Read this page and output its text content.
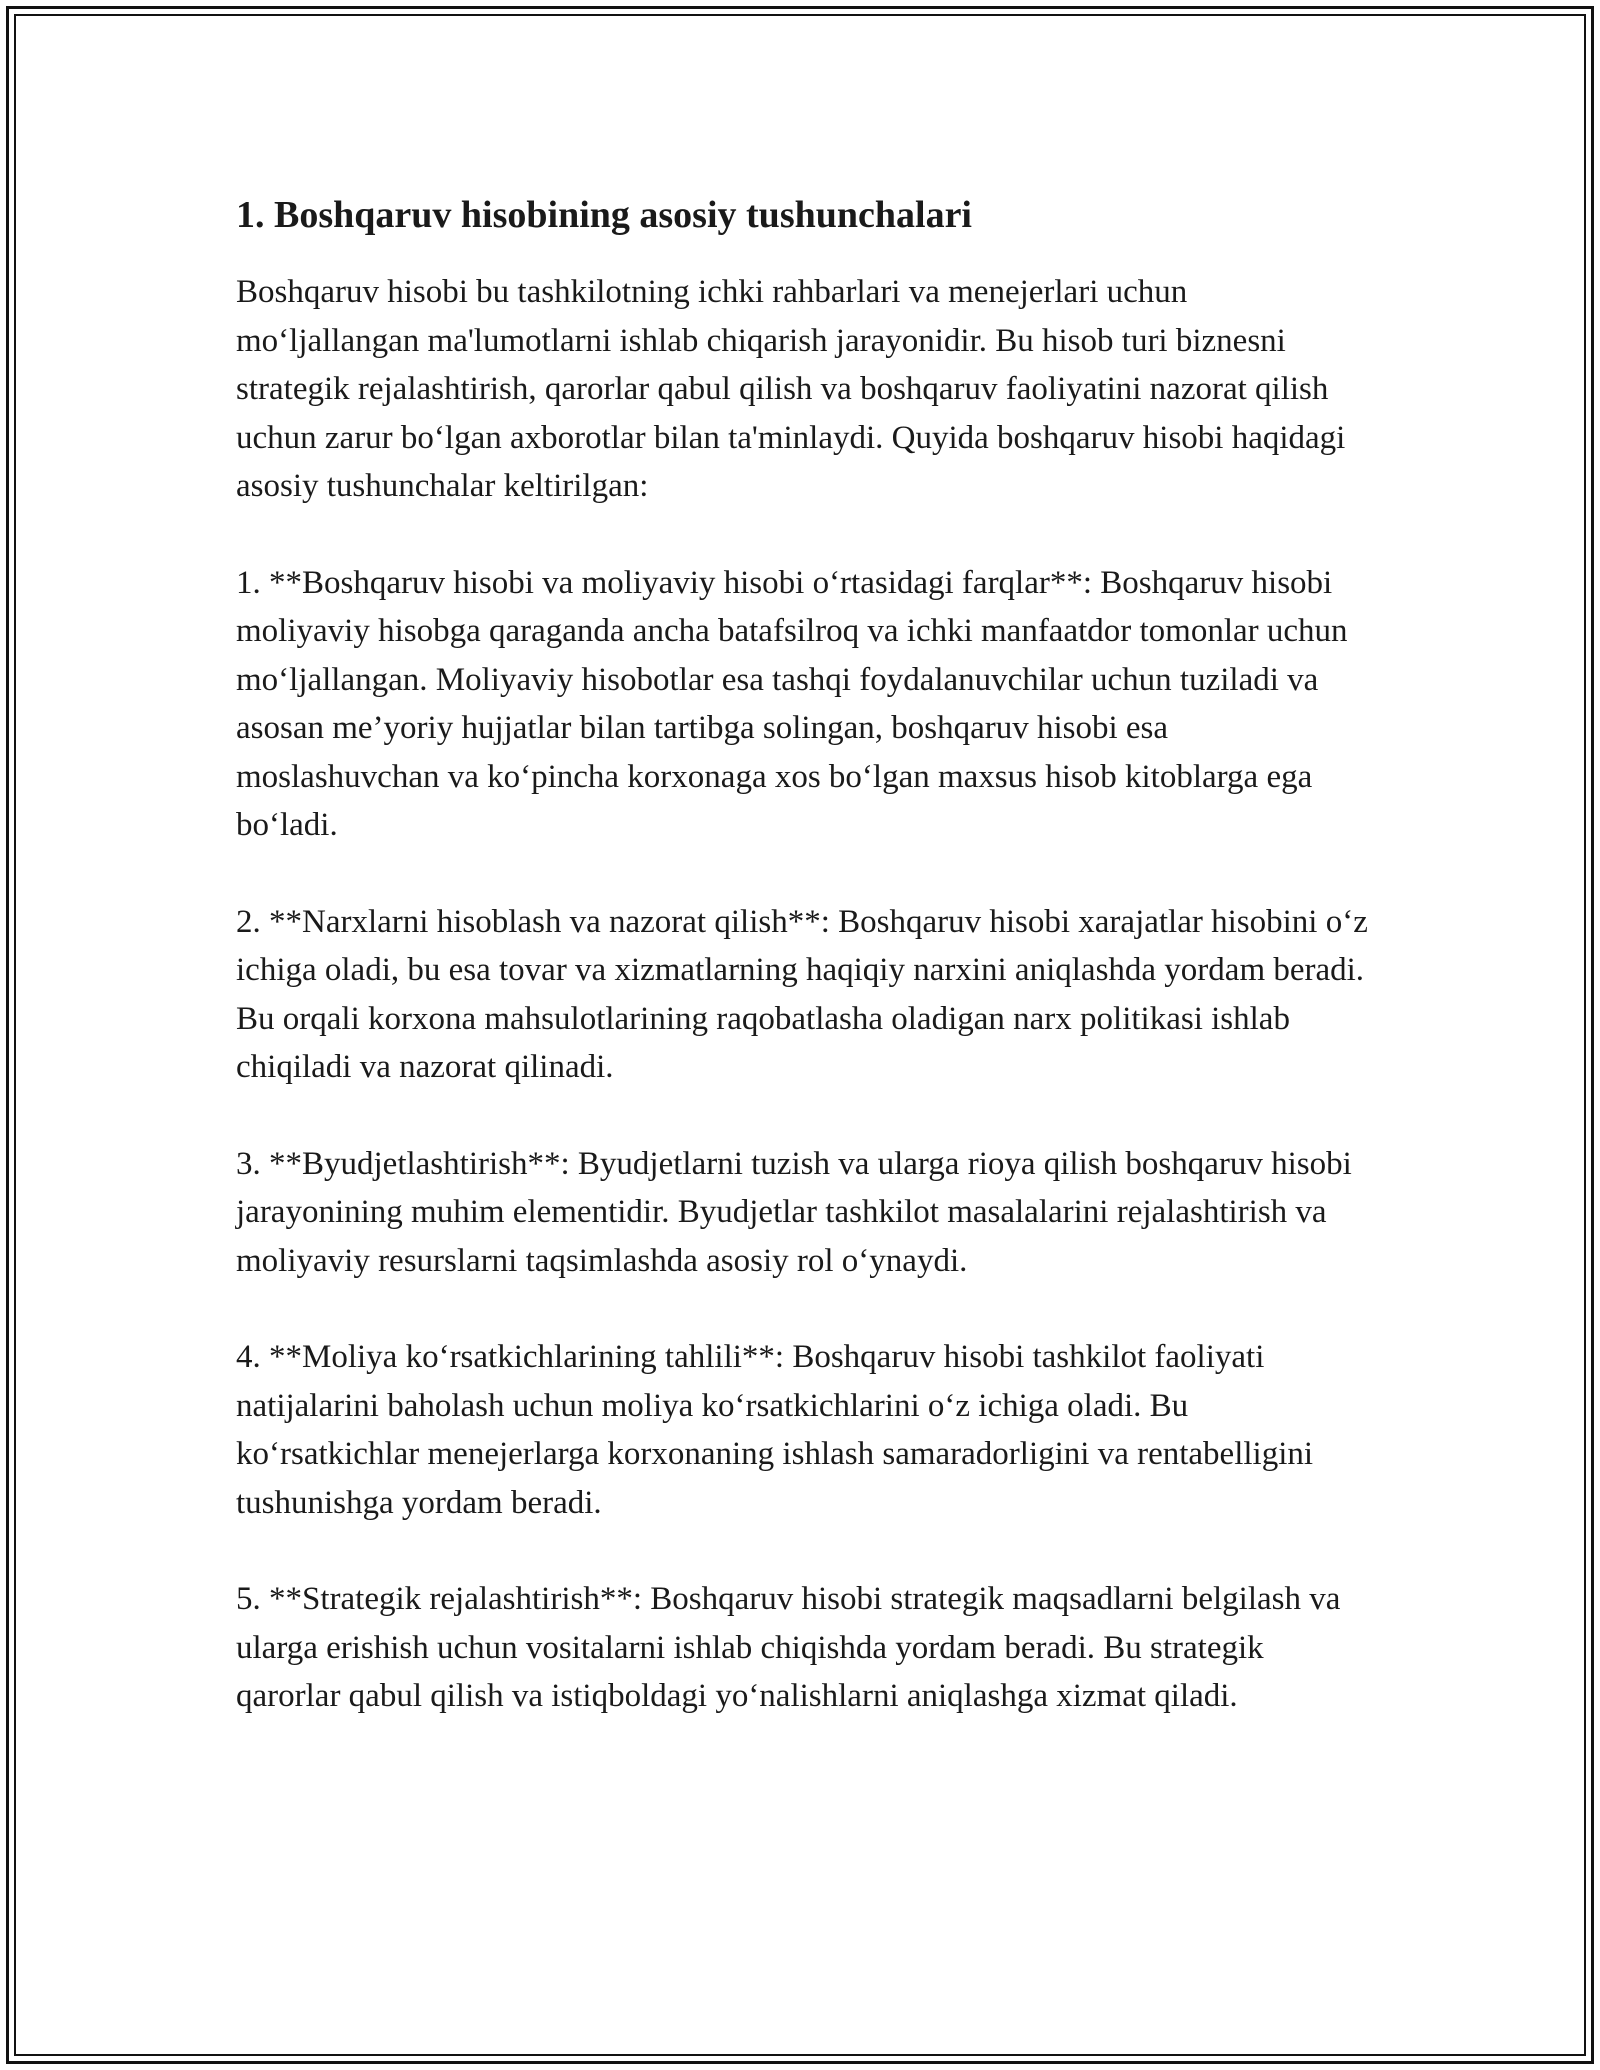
1. Boshqaruv hisobining asosiy tushunchalari

Boshqaruv hisobi bu tashkilotning ichki rahbarlari va menejerlari uchun mo‘ljallangan ma'lumotlarni ishlab chiqarish jarayonidir. Bu hisob turi biznesni strategik rejalashtirish, qarorlar qabul qilish va boshqaruv faoliyatini nazorat qilish uchun zarur bo‘lgan axborotlar bilan ta'minlaydi. Quyida boshqaruv hisobi haqidagi asosiy tushunchalar keltirilgan:

1. **Boshqaruv hisobi va moliyaviy hisobi o‘rtasidagi farqlar**: Boshqaruv hisobi moliyaviy hisobga qaraganda ancha batafsilroq va ichki manfaatdor tomonlar uchun mo‘ljallangan. Moliyaviy hisobotlar esa tashqi foydalanuvchilar uchun tuziladi va asosan me’yoriy hujjatlar bilan tartibga solingan, boshqaruv hisobi esa moslashuvchan va ko‘pincha korxonaga xos bo‘lgan maxsus hisob kitoblarga ega bo‘ladi.

2. **Narxlarni hisoblash va nazorat qilish**: Boshqaruv hisobi xarajatlar hisobini o‘z ichiga oladi, bu esa tovar va xizmatlarning haqiqiy narxini aniqlashda yordam beradi. Bu orqali korxona mahsulotlarining raqobatlasha oladigan narx politikasi ishlab chiqiladi va nazorat qilinadi.

3. **Byudjetlashtirish**: Byudjetlarni tuzish va ularga rioya qilish boshqaruv hisobi jarayonining muhim elementidir. Byudjetlar tashkilot masalalarini rejalashtirish va moliyaviy resurslarni taqsimlashda asosiy rol o‘ynaydi.

4. **Moliya ko‘rsatkichlarining tahlili**: Boshqaruv hisobi tashkilot faoliyati natijalarini baholash uchun moliya ko‘rsatkichlarini o‘z ichiga oladi. Bu ko‘rsatkichlar menejerlarga korxonaning ishlash samaradorligini va rentabelligini tushunishga yordam beradi.

5. **Strategik rejalashtirish**: Boshqaruv hisobi strategik maqsadlarni belgilash va ularga erishish uchun vositalarni ishlab chiqishda yordam beradi. Bu strategik qarorlar qabul qilish va istiqboldagi yo‘nalishlarni aniqlashga xizmat qiladi.
